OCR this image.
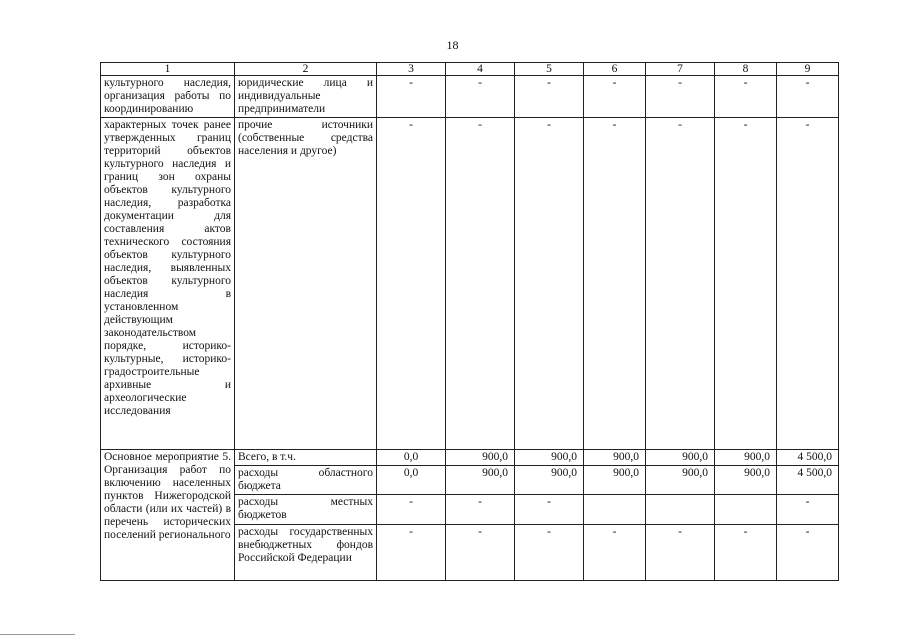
18
1	2	3	4	5	6	7	8	9
культурного наследия, организация работы по координированию	юридические лица и индивидуальные предприниматели	-	-	-	-	-	-	-
характерных точек ранее утвержденных границ территорий объектов культурного наследия и границ зон охраны объектов культурного наследия, разработка документации для составления актов технического состояния объектов культурного наследия, выявленных объектов культурного наследия в установленном действующим законодательством порядке, историко-культурные, историко-градостроительные архивные и археологические исследования	прочие источники (собственные средства населения и другое)	-	-	-	-	-	-	-
Основное мероприятие 5. Организация работ по включению населенных пунктов Нижегородской области (или их частей) в перечень исторических поселений регионального	Всего, в т.ч.	0,0	900,0	900,0	900,0	900,0	900,0	4 500,0
	расходы областного бюджета	0,0	900,0	900,0	900,0	900,0	900,0	4 500,0
	расходы местных бюджетов	-	-	-				-
	расходы государственных внебюджетных фондов Российской Федерации	-	-	-	-	-	-	-
